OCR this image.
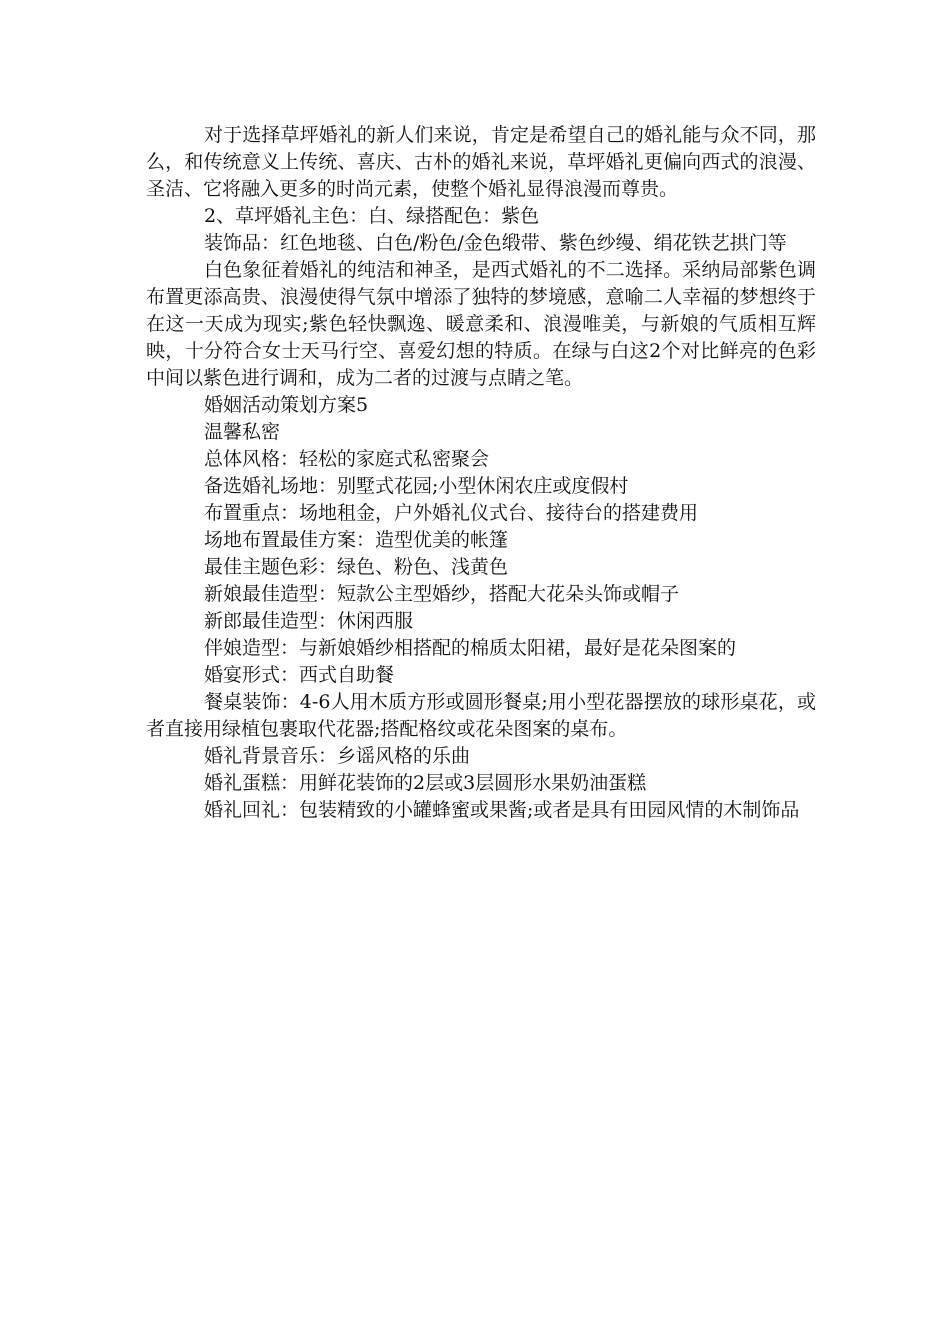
对于选择草坪婚礼的新人们来说，肯定是希望自己的婚礼能与众不同，那么，和传统意义上传统、喜庆、古朴的婚礼来说，草坪婚礼更偏向西式的浪漫、圣洁、它将融入更多的时尚元素，使整个婚礼显得浪漫而尊贵。

2、草坪婚礼主色：白、绿搭配色：紫色

装饰品：红色地毯、白色/粉色/金色缎带、紫色纱缦、绢花铁艺拱门等

白色象征着婚礼的纯洁和神圣，是西式婚礼的不二选择。采纳局部紫色调布置更添高贵、浪漫使得气氛中增添了独特的梦境感，意喻二人幸福的梦想终于在这一天成为现实;紫色轻快飘逸、暖意柔和、浪漫唯美，与新娘的气质相互辉映，十分符合女士天马行空、喜爱幻想的特质。在绿与白这2个对比鲜亮的色彩中间以紫色进行调和，成为二者的过渡与点睛之笔。

婚姻活动策划方案5

温馨私密

总体风格：轻松的家庭式私密聚会

备选婚礼场地：别墅式花园;小型休闲农庄或度假村

布置重点：场地租金，户外婚礼仪式台、接待台的搭建费用

场地布置最佳方案：造型优美的帐篷

最佳主题色彩：绿色、粉色、浅黄色

新娘最佳造型：短款公主型婚纱，搭配大花朵头饰或帽子

新郎最佳造型：休闲西服

伴娘造型：与新娘婚纱相搭配的棉质太阳裙，最好是花朵图案的

婚宴形式：西式自助餐

餐桌装饰：4-6人用木质方形或圆形餐桌;用小型花器摆放的球形桌花，或者直接用绿植包裹取代花器;搭配格纹或花朵图案的桌布。

婚礼背景音乐：乡谣风格的乐曲

婚礼蛋糕：用鲜花装饰的2层或3层圆形水果奶油蛋糕

婚礼回礼：包装精致的小罐蜂蜜或果酱;或者是具有田园风情的木制饰品
